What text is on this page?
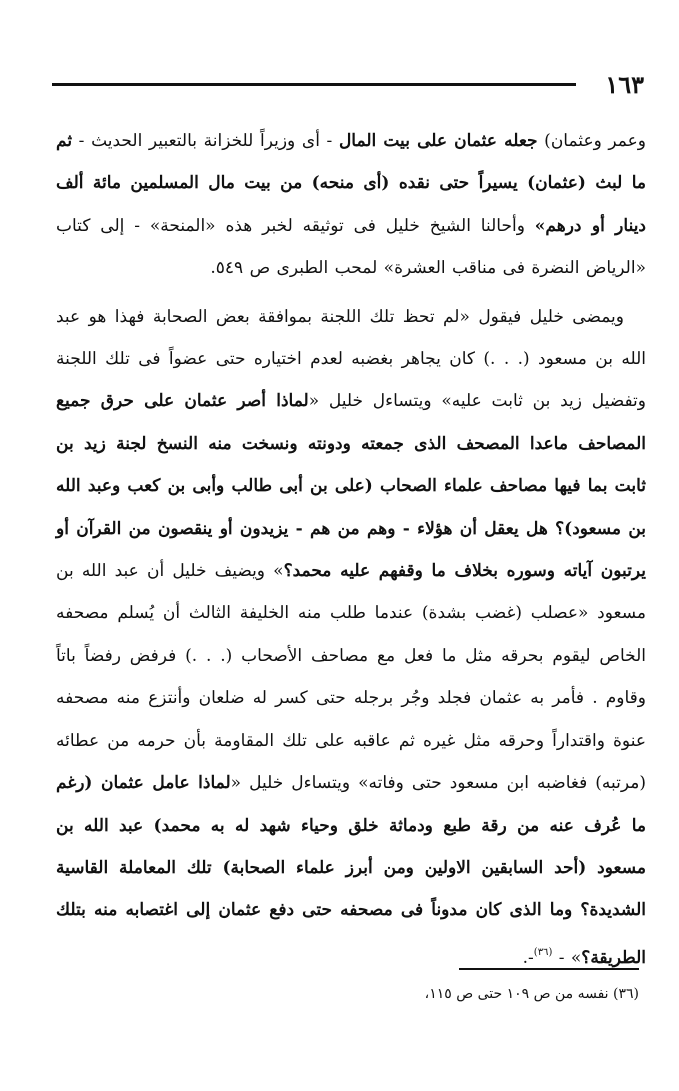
١٦٣

وعمر وعثمان) جعله عثمان على بيت المال - أى وزيراً للخزانة بالتعبير الحديث - ثم ما لبث (عثمان) يسيراً حتى نقده (أى منحه) من بيت مال المسلمين مائة ألف دينار أو درهم» وأحالنا الشيخ خليل فى توثيقه لخبر هذه «المنحة» - إلى كتاب «الرياض النضرة فى مناقب العشرة» لمحب الطبرى ص ٥٤٩.

ويمضى خليل فيقول «لم تحظ تلك اللجنة بموافقة بعض الصحابة فهذا هو عبد الله بن مسعود (. . .) كان يجاهر بغضبه لعدم اختياره حتى عضواً فى تلك اللجنة وتفضيل زيد بن ثابت عليه» ويتساءل خليل «لماذا أصر عثمان على حرق جميع المصاحف ماعدا المصحف الذى جمعته ودونته ونسخت منه النسخ لجنة زيد بن ثابت بما فيها مصاحف علماء الصحاب (على بن أبى طالب وأبى بن كعب وعبد الله بن مسعود)؟ هل يعقل أن هؤلاء - وهم من هم - يزيدون أو ينقصون من القرآن أو يرتبون آياته وسوره بخلاف ما وقفهم عليه محمد؟» ويضيف خليل أن عبد الله بن مسعود «عصلب (غضب بشدة) عندما طلب منه الخليفة الثالث أن يُسلم مصحفه الخاص ليقوم بحرقه مثل ما فعل مع مصاحف الأصحاب (. . .) فرفض رفضاً باتاً وقاوم . فأمر به عثمان فجلد وجُر برجله حتى كسر له ضلعان وأنتزع منه مصحفه عنوة واقتداراً وحرقه مثل غيره ثم عاقبه على تلك المقاومة بأن حرمه من عطائه (مرتبه) فغاضبه ابن مسعود حتى وفاته» ويتساءل خليل «لماذا عامل عثمان (رغم ما عُرف عنه من رقة طبع ودماثة خلق وحياء شهد له به محمد) عبد الله بن مسعود (أحد السابقين الاولين ومن أبرز علماء الصحابة) تلك المعاملة القاسية الشديدة؟ وما الذى كان مدوناً فى مصحفه حتى دفع عثمان إلى اغتصابه منه بتلك الطريقة؟» - $^{(٣٦)}$-.

(٣٦) نفسه من ص ١٠٩ حتى ص ١١٥،
